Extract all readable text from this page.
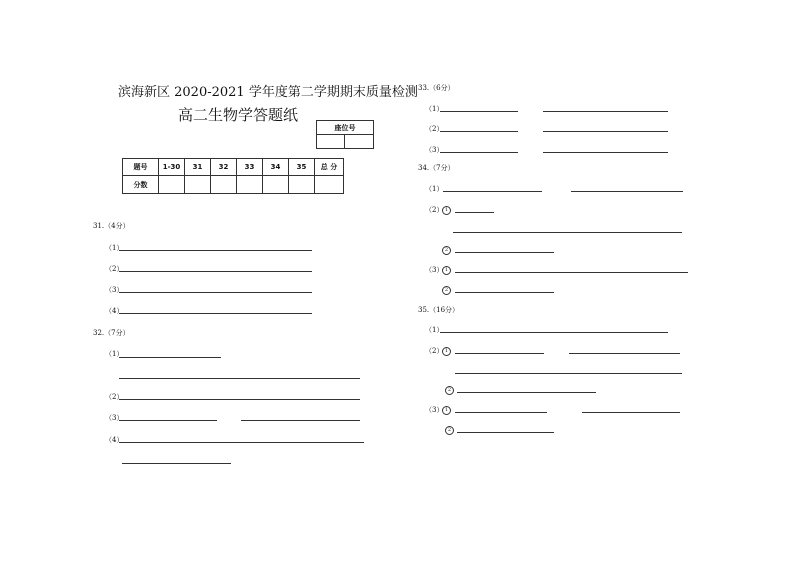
滨海新区 2020-2021 学年度第二学期期末质量检测
高二生物学答题纸
座位号

题号	1-30	31	32	33	34	35	总 分
分数							
31.（4分）
（1）
（2）
（3）
（4）
32.（7分）
（1）
（2）
（3）
（4）
33.（6分）
（1）
（2）
（3）
34.（7分）
（1）
（2） 1
2
（3） 1
2
35.（16分）
（1）
（2） 1
2
（3） 1
2
